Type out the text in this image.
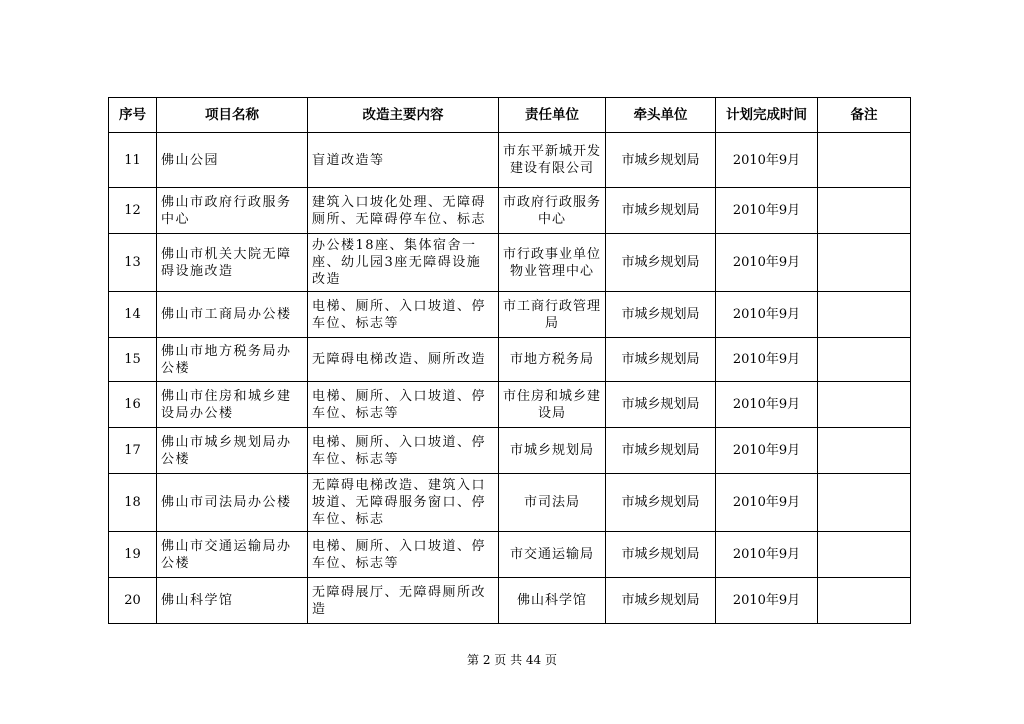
序号	项目名称	改造主要内容	责任单位	牵头单位	计划完成时间	备注
11	佛山公园	盲道改造等	市东平新城开发建设有限公司	市城乡规划局	2010年9月	
12	佛山市政府行政服务中心	建筑入口坡化处理、无障碍厕所、无障碍停车位、标志	市政府行政服务中心	市城乡规划局	2010年9月	
13	佛山市机关大院无障碍设施改造	办公楼18座、集体宿舍一座、幼儿园3座无障碍设施改造	市行政事业单位物业管理中心	市城乡规划局	2010年9月	
14	佛山市工商局办公楼	电梯、厕所、入口坡道、停车位、标志等	市工商行政管理局	市城乡规划局	2010年9月	
15	佛山市地方税务局办公楼	无障碍电梯改造、厕所改造	市地方税务局	市城乡规划局	2010年9月	
16	佛山市住房和城乡建设局办公楼	电梯、厕所、入口坡道、停车位、标志等	市住房和城乡建设局	市城乡规划局	2010年9月	
17	佛山市城乡规划局办公楼	电梯、厕所、入口坡道、停车位、标志等	市城乡规划局	市城乡规划局	2010年9月	
18	佛山市司法局办公楼	无障碍电梯改造、建筑入口坡道、无障碍服务窗口、停车位、标志	市司法局	市城乡规划局	2010年9月	
19	佛山市交通运输局办公楼	电梯、厕所、入口坡道、停车位、标志等	市交通运输局	市城乡规划局	2010年9月	
20	佛山科学馆	无障碍展厅、无障碍厕所改造	佛山科学馆	市城乡规划局	2010年9月	
第 2 页 共 44 页
